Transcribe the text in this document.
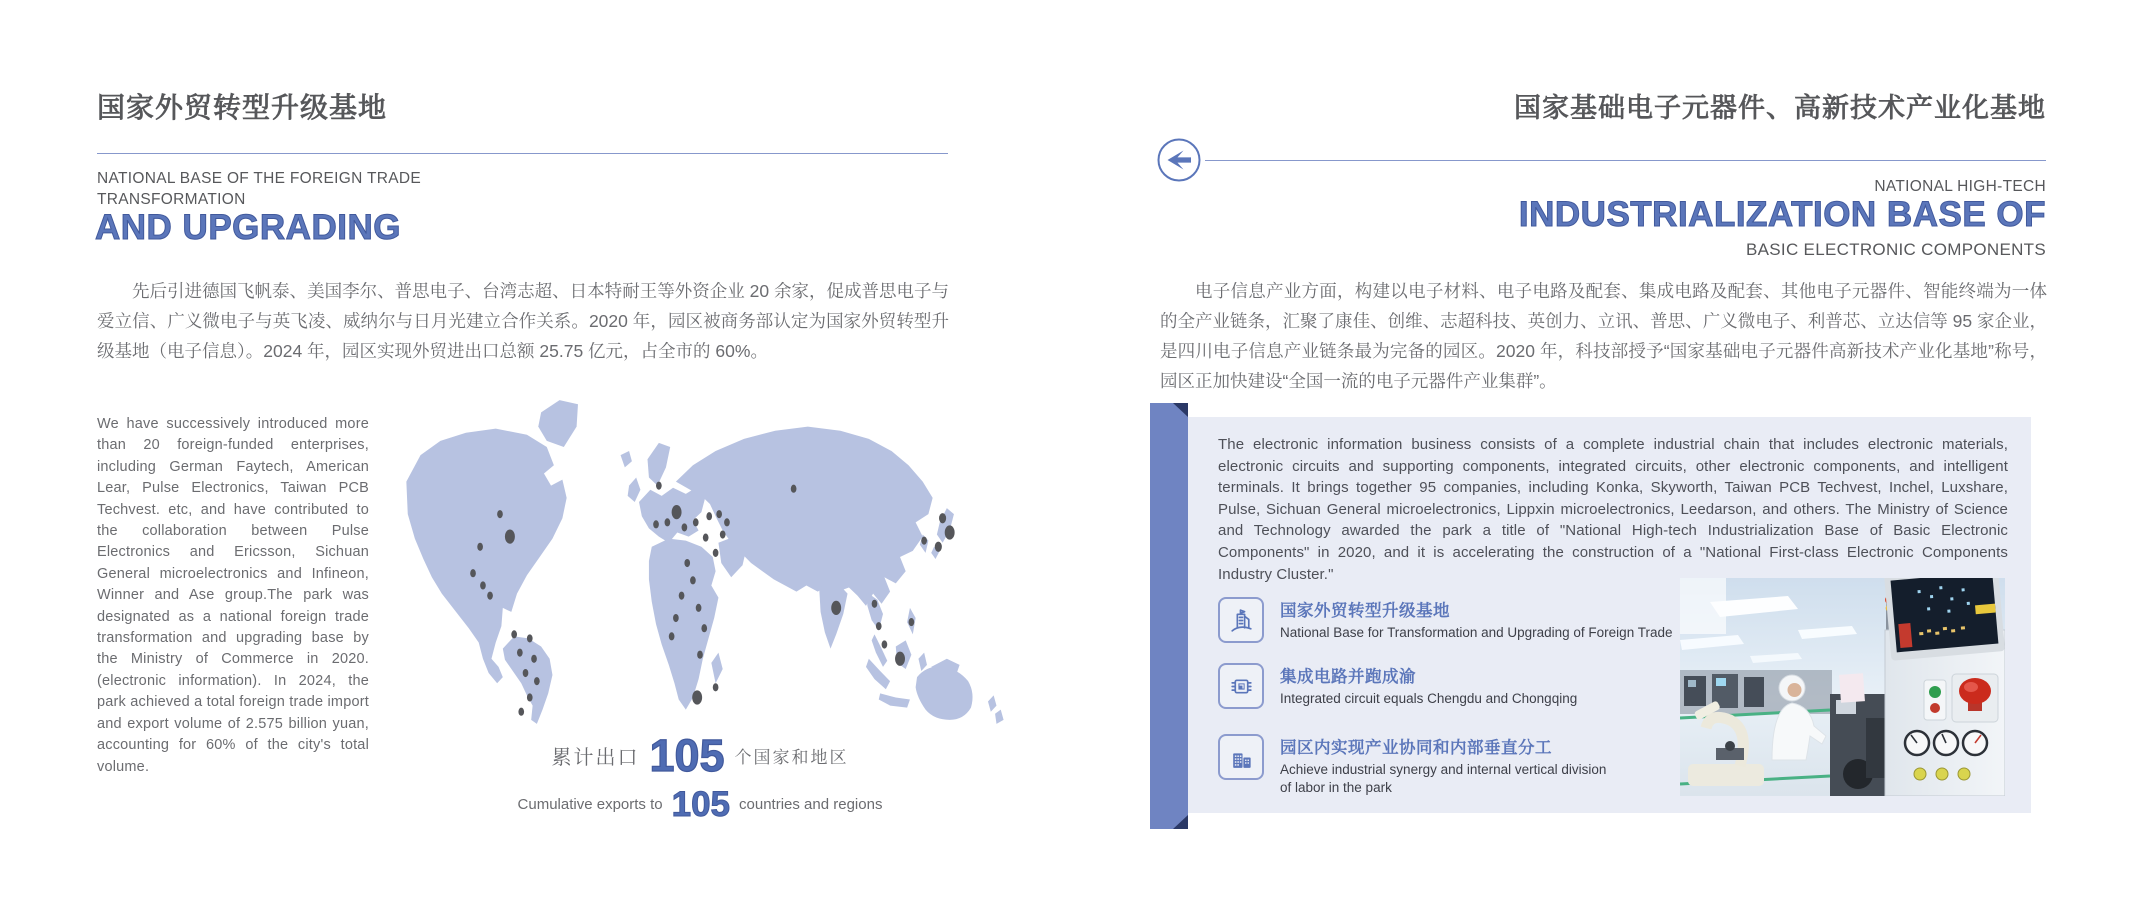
国家外贸转型升级基地
NATIONAL BASE OF THE FOREIGN TRADE
TRANSFORMATION
AND UPGRADING

先后引进德国飞帆泰、美国李尔、普思电子、台湾志超、日本特耐王等外资企业 20 余家，促成普思电子与爱立信、广义微电子与英飞凌、威纳尔与日月光建立合作关系。2020 年，园区被商务部认定为国家外贸转型升级基地（电子信息）。2024 年，园区实现外贸进出口总额 25.75 亿元，占全市的 60%。

We have successively introduced more than 20 foreign-funded enterprises, including German Faytech, American Lear, Pulse Electronics, Taiwan PCB Techvest. etc, and have contributed to the collaboration between Pulse Electronics and Ericsson, Sichuan General microelectronics and Infineon, Winner and Ase group.The park was designated as a national foreign trade transformation and upgrading base by the Ministry of Commerce in 2020. (electronic information). In 2024, the park achieved a total foreign trade import and export volume of 2.575 billion yuan, accounting for 60% of the city's total volume.	累计出口 105 个国家和地区
Cumulative exports to 105 countries and regions
国家基础电子元器件、高新技术产业化基地
NATIONAL HIGH-TECH
INDUSTRIALIZATION BASE OF
BASIC ELECTRONIC COMPONENTS

电子信息产业方面，构建以电子材料、电子电路及配套、集成电路及配套、其他电子元器件、智能终端为一体的全产业链条，汇聚了康佳、创维、志超科技、英创力、立讯、普思、广义微电子、利普芯、立达信等 95 家企业，是四川电子信息产业链条最为完备的园区。2020 年，科技部授予“国家基础电子元器件高新技术产业化基地”称号，园区正加快建设“全国一流的电子元器件产业集群”。

The electronic information business consists of a complete industrial chain that includes electronic materials, electronic circuits and supporting components, integrated circuits, other electronic components, and intelligent terminals. It brings together 95 companies, including Konka, Skyworth, Taiwan PCB Techvest, Inchel, Luxshare, Pulse, Sichuan General microelectronics, Lippxin microelectronics, Leedarson, and others. The Ministry of Science and Technology awarded the park a title of "National High-tech Industrialization Base of Basic Electronic Components" in 2020, and it is accelerating the construction of a "National First-class Electronic Components Industry Cluster."

国家外贸转型升级基地
National Base for Transformation and Upgrading of Foreign Trade
集成电路并跑成渝
Integrated circuit equals Chengdu and Chongqing
园区内实现产业协同和内部垂直分工
Achieve industrial synergy and internal vertical division of labor in the park
